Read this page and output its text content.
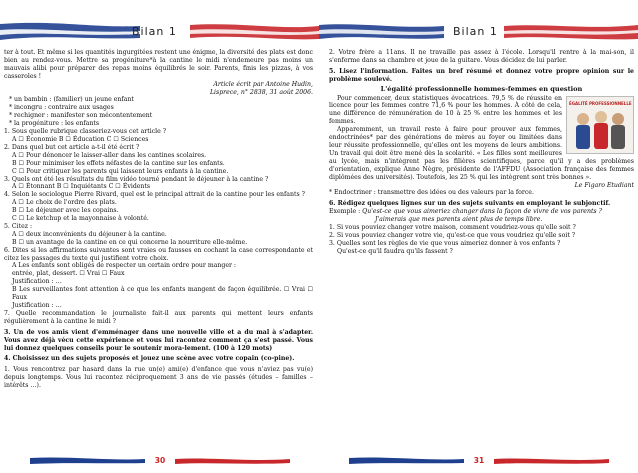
Bilan 1

ter à tout. Et même si les quantités ingurgitées restent une énigme, la diversité des plats est donc bien au rendez-vous. Mettre sa progéniture*à la cantine le midi n'endemeure pas moins un mauvais alibi pour préparer des repas moins équilibrés le soir. Parents, finis les pizzas, à vos casseroles !

Article écrit par Antoine Hudin,

Lisprece, n° 2838, 31 août 2006.

* un bambin : (familier) un jeune enfant

* incongru : contraire aux usages

* rechigner : manifester son mécontentement

* la progéniture : les enfants

1. Sous quelle rubrique classeriez-vous cet article ?

A ☐ Économie B ☐ Éducation C ☐ Sciences

2. Dans quel but cet article a-t-il été écrit ?

A ☐ Pour dénoncer le laisser-aller dans les cantines scolaires.

B ☐ Pour minimiser les effets néfastes de la cantine sur les enfants.

C ☐ Pour critiquer les parents qui laissent leurs enfants à la cantine.

3. Quels ont été les résultats du film vidéo tourné pendant le déjeuner à la cantine ?

A ☐ Étonnant B ☐ Inquiétants C ☐ Évidents

4. Selon le sociologue Pierre Rivard, quel est le principal attrait de la cantine pour les enfants ?

A ☐ Le choix de l'ordre des plats.

B ☐ Le déjeuner avec les copains.

C ☐ Le ketchup et la mayonnaise à volonté.

5. Citez :

A ☐ deux inconvénients du déjeuner à la cantine.

B ☐ un avantage de la cantine en ce qui concerne la nourriture elle-même.

6. Dites si les affirmations suivantes sont vraies ou fausses en cochant la case correspondante et citez les passages du texte qui justifient votre choix.

A Les enfants sont obligés de respecter un certain ordre pour manger :

entrée, plat, dessert. ☐ Vrai ☐ Faux

Justification : …

B Les surveillantes font attention à ce que les enfants mangent de façon équilibrée. ☐ Vrai ☐ Faux

Justification : …

7. Quelle recommandation le journaliste fait-il aux parents qui mettent leurs enfants régulièrement à la cantine le midi ?

3. Un de vos amis vient d'emménager dans une nouvelle ville et a du mal à s'adapter. Vous avez déjà vécu cette expérience et vous lui racontez comment ça s'est passé. Vous lui donnez quelques conseils pour le soutenir mora-lement. (100 à 120 mots)

4. Choisissez un des sujets proposés et jouez une scène avec votre copain (co-pine).

1. Vous rencontrez par hasard dans la rue un(e) ami(e) d'enfance que vous n'aviez pas vu(e) depuis longtemps. Vous lui racontez réciproquement 3 ans de vie passés (études – familles – intérêts …).

30
Bilan 1

2. Votre frère a 11ans. Il ne travaille pas assez à l'école. Lorsqu'il rentre à la mai-son, il s'enferme dans sa chambre et joue de la guitare. Vous décidez de lui parler.

5. Lisez l'information. Faites un bref résumé et donnez votre propre opinion sur le problème soulevé.

L'égalité professionnelle hommes-femmes en question

ÉGALITÉ PROFESSIONNELLE

Pour commencer, deux statistiques évocatrices. 79,5 % de réussite en licence pour les femmes contre 71,6 % pour les hommes. À côté de cela, une différence de rémunération de 10 à 25 % entre les hommes et les femmes.

Apparemment, un travail reste à faire pour prouver aux femmes, endoctrinées* par des générations de mères au foyer ou limitées dans leur réussite professionnelle, qu'elles ont les moyens de leurs ambitions. Un travail qui doit être mené dès la scolarité. « Les filles sont meilleures au lycée, mais n'intègrent pas les filières scientifiques, parce qu'il y a des problèmes d'orientation, explique Anne Nègre, présidente de l'AFFDU (Association française des femmes diplômées des universités). Toutefois, les 25 % qui les intègrent sont très bonnes ».

Le Figaro Etudiant

* Endoctriner : transmettre des idées ou des valeurs par la force.

6. Rédigez quelques lignes sur un des sujets suivants en employant le subjonctif.

Exemple : Qu'est-ce que vous aimeriez changer dans la façon de vivre de vos parents ?

J'aimerais que mes parents aient plus de temps libre.

1. Si vous pouviez changer votre maison, comment voudriez-vous qu'elle soit ?

2. Si vous pouviez changer votre vie, qu'est-ce que vous voudriez qu'elle soit ?

3. Quelles sont les règles de vie que vous aimeriez donner à vos enfants ?

Qu'est-ce qu'il faudra qu'ils fassent ?

31
